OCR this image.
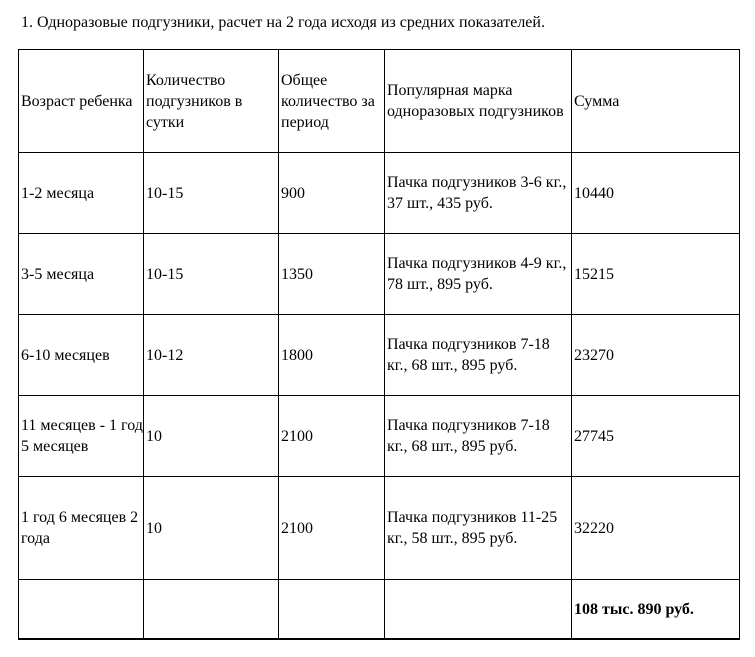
1. Одноразовые подгузники, расчет на 2 года исходя из средних показателей.
Возраст ребенка	Количество подгузников в сутки	Общее количество за период	Популярная марка одноразовых подгузников	Сумма
1-2 месяца	10-15	900	Пачка подгузников 3-6 кг., 37 шт., 435 руб.	10440
3-5 месяца	10-15	1350	Пачка подгузников 4-9 кг., 78 шт., 895 руб.	15215
6-10 месяцев	10-12	1800	Пачка подгузников 7-18 кг., 68 шт., 895 руб.	23270
11 месяцев - 1 год 5 месяцев	10	2100	Пачка подгузников 7-18 кг., 68 шт., 895 руб.	27745
1 год 6 месяцев 2 года	10	2100	Пачка подгузников 11-25 кг., 58 шт., 895 руб.	32220
				108 тыс. 890 руб.
